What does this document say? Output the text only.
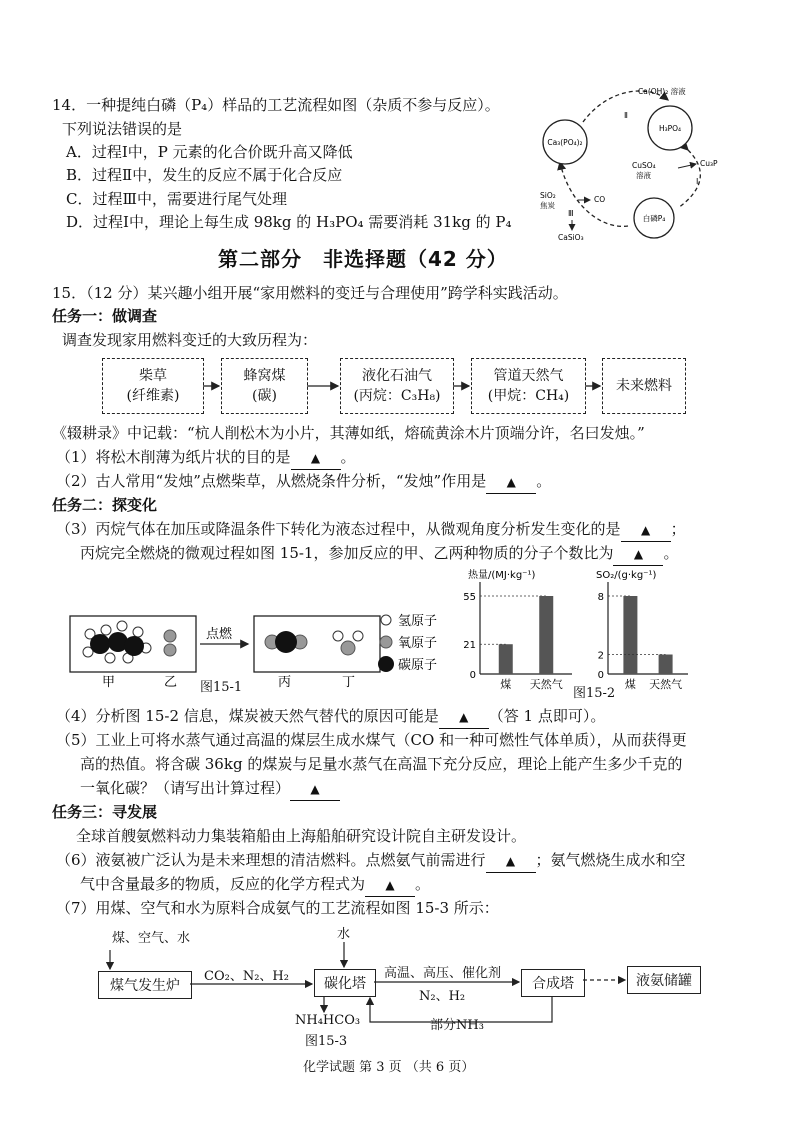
14．一种提纯白磷（P₄）样品的工艺流程如图（杂质不参与反应）。
下列说法错误的是
A．过程Ⅰ中，P 元素的化合价既升高又降低
B．过程Ⅱ中，发生的反应不属于化合反应
C．过程Ⅲ中，需要进行尾气处理
D．过程Ⅰ中，理论上每生成 98kg 的 H₃PO₄ 需要消耗 31kg 的 P₄
Ca₃(PO₄)₂
H₃PO₄
白磷P₄
Ca(OH)₂ 溶液
Ⅱ
CuSO₄
溶液
Cu₃P
Ⅰ
SiO₂
焦炭
Ⅲ
CO
CaSiO₃
第二部分　非选择题（42 分）
15．（12 分）某兴趣小组开展“家用燃料的变迁与合理使用”跨学科实践活动。
任务一：做调查
调查发现家用燃料变迁的大致历程为：
柴草
(纤维素)
蜂窝煤
(碳)
液化石油气
(丙烷：C₃H₈)
管道天然气
(甲烷：CH₄)
未来燃料
《辍耕录》中记载：“杭人削松木为小片，其薄如纸，熔硫黄涂木片顶端分许，名曰发烛。”
（1）将松木削薄为纸片状的目的是 ▲ 。
（2）古人常用“发烛”点燃柴草，从燃烧条件分析，“发烛”作用是 ▲ 。
任务二：探变化
（3）丙烷气体在加压或降温条件下转化为液态过程中，从微观角度分析发生变化的是 ▲ ；
丙烷完全燃烧的微观过程如图 15-1，参加反应的甲、乙两种物质的分子个数比为 ▲ 。
甲	乙
点燃
丙	丁
氢原子
氧原子
碳原子
图15-1
热量/(MJ·kg⁻¹)
55
21
0
煤 天然气
SO₂/(g·kg⁻¹)
8
2
0
煤 天然气
图15-2
（4）分析图 15-2 信息，煤炭被天然气替代的原因可能是 ▲ （答 1 点即可）。
（5）工业上可将水蒸气通过高温的煤层生成水煤气（CO 和一种可燃性气体单质），从而获得更
高的热值。将含碳 36kg 的煤炭与足量水蒸气在高温下充分反应，理论上能产生多少千克的
一氧化碳？（请写出计算过程） ▲
任务三：寻发展
全球首艘氨燃料动力集装箱船由上海船舶研究设计院自主研发设计。
（6）液氨被广泛认为是未来理想的清洁燃料。点燃氨气前需进行 ▲ ；氨气燃烧生成水和空
气中含量最多的物质，反应的化学方程式为 ▲ 。
（7）用煤、空气和水为原料合成氨气的工艺流程如图 15-3 所示：
煤、空气、水
煤气发生炉
CO₂、N₂、H₂
水
碳化塔
高温、高压、催化剂
N₂、H₂
合成塔	液氨储罐
NH₄HCO₃	部分NH₃
图15-3
化学试题 第 3 页 （共 6 页）
